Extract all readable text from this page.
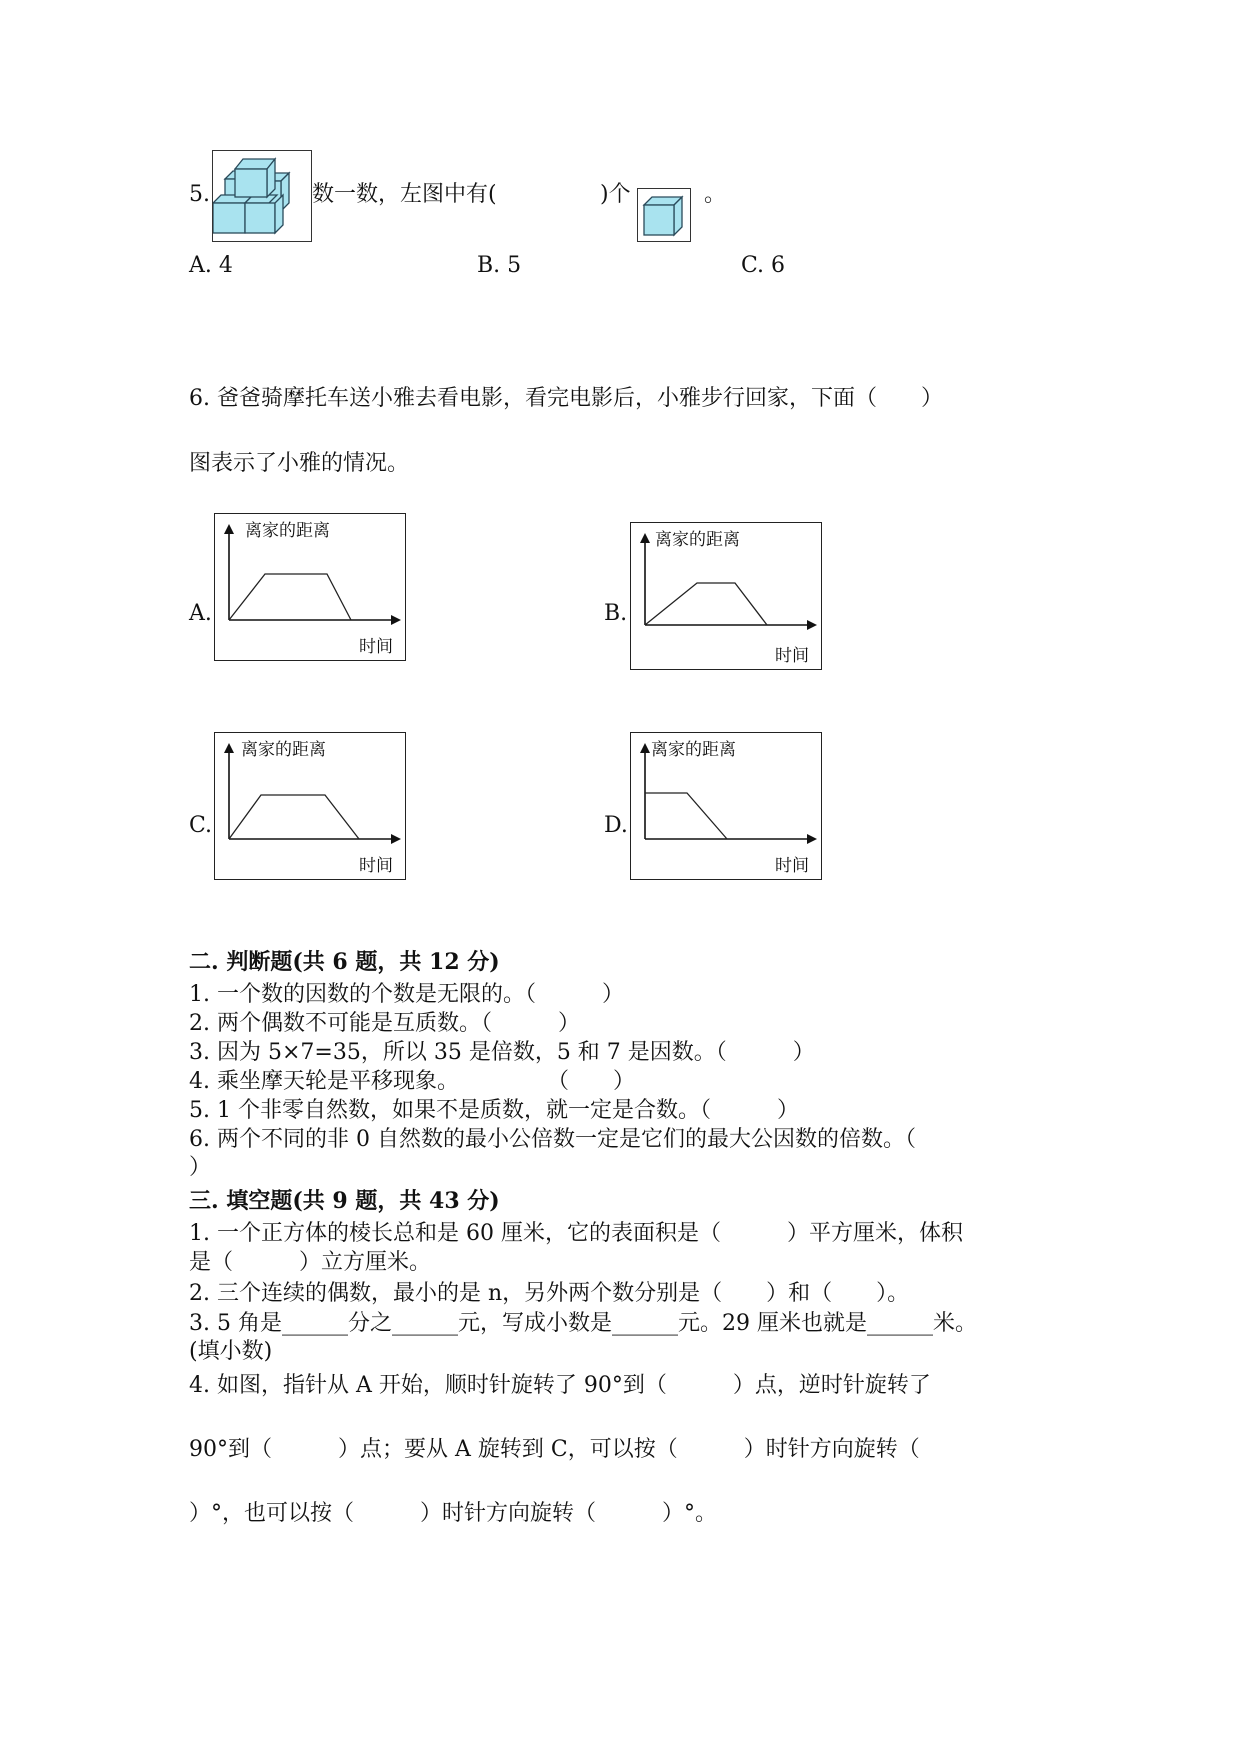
5.	数一数，左图中有(	)个	。
A. 4	B. 5	C. 6
6. 爸爸骑摩托车送小雅去看电影，看完电影后，小雅步行回家，下面（　　）
图表示了小雅的情况。
A.
离家的距离
时间
B.
离家的距离
时间
C.
离家的距离
时间
D.
离家的距离
时间
二. 判断题(共 6 题，共 12 分)
1. 一个数的因数的个数是无限的。（　　　）
2. 两个偶数不可能是互质数。（　　　）
3. 因为 5×7=35，所以 35 是倍数，5 和 7 是因数。（　　　）
4. 乘坐摩天轮是平移现象。　　　　　（　　）
5. 1 个非零自然数，如果不是质数，就一定是合数。（　　　）
6. 两个不同的非 0 自然数的最小公倍数一定是它们的最大公因数的倍数。（
）
三. 填空题(共 9 题，共 43 分)
1. 一个正方体的棱长总和是 60 厘米，它的表面积是（　　　）平方厘米，体积
是（　　　）立方厘米。
2. 三个连续的偶数，最小的是 n，另外两个数分别是（　　）和（　　）。
3. 5 角是______分之______元，写成小数是______元。29 厘米也就是______米。
(填小数)
4. 如图，指针从 A 开始，顺时针旋转了 90°到（　　　）点，逆时针旋转了
90°到（　　　）点；要从 A 旋转到 C，可以按（　　　）时针方向旋转（
）°，也可以按（　　　）时针方向旋转（　　　）°。
